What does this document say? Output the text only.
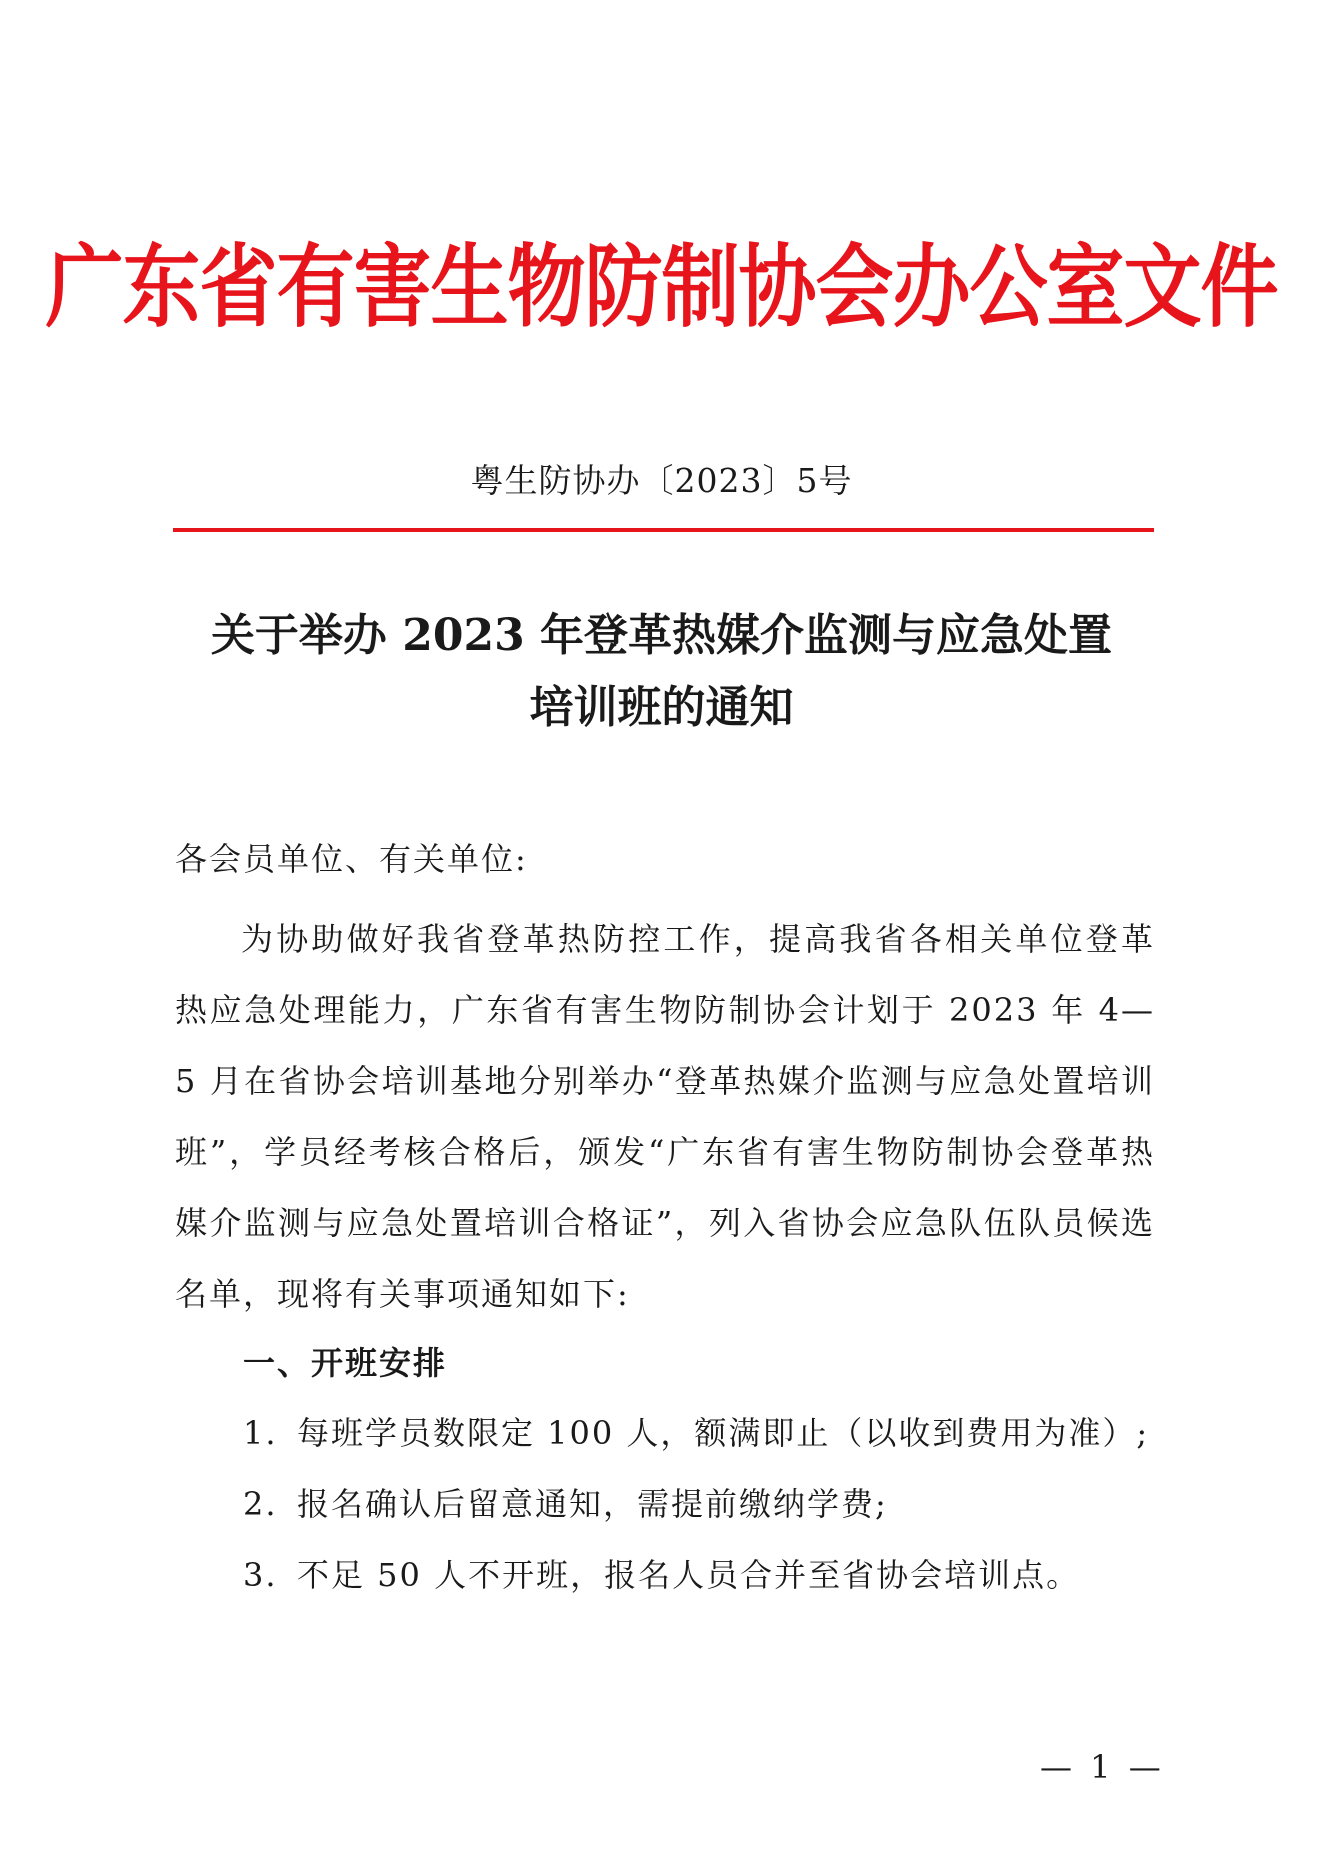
广东省有害生物防制协会办公室文件
粤生防协办〔2023〕5号
关于举办 2023 年登革热媒介监测与应急处置
培训班的通知
各会员单位、有关单位:
为协助做好我省登革热防控工作，提高我省各相关单位登革热应急处理能力，广东省有害生物防制协会计划于 2023 年 4—5 月在省协会培训基地分别举办“登革热媒介监测与应急处置培训班”，学员经考核合格后，颁发“广东省有害生物防制协会登革热媒介监测与应急处置培训合格证”，列入省协会应急队伍队员候选名单，现将有关事项通知如下:
一、开班安排
1. 每班学员数限定 100 人，额满即止（以收到费用为准）;
2. 报名确认后留意通知，需提前缴纳学费;
3. 不足 50 人不开班，报名人员合并至省协会培训点。
— 1 —
